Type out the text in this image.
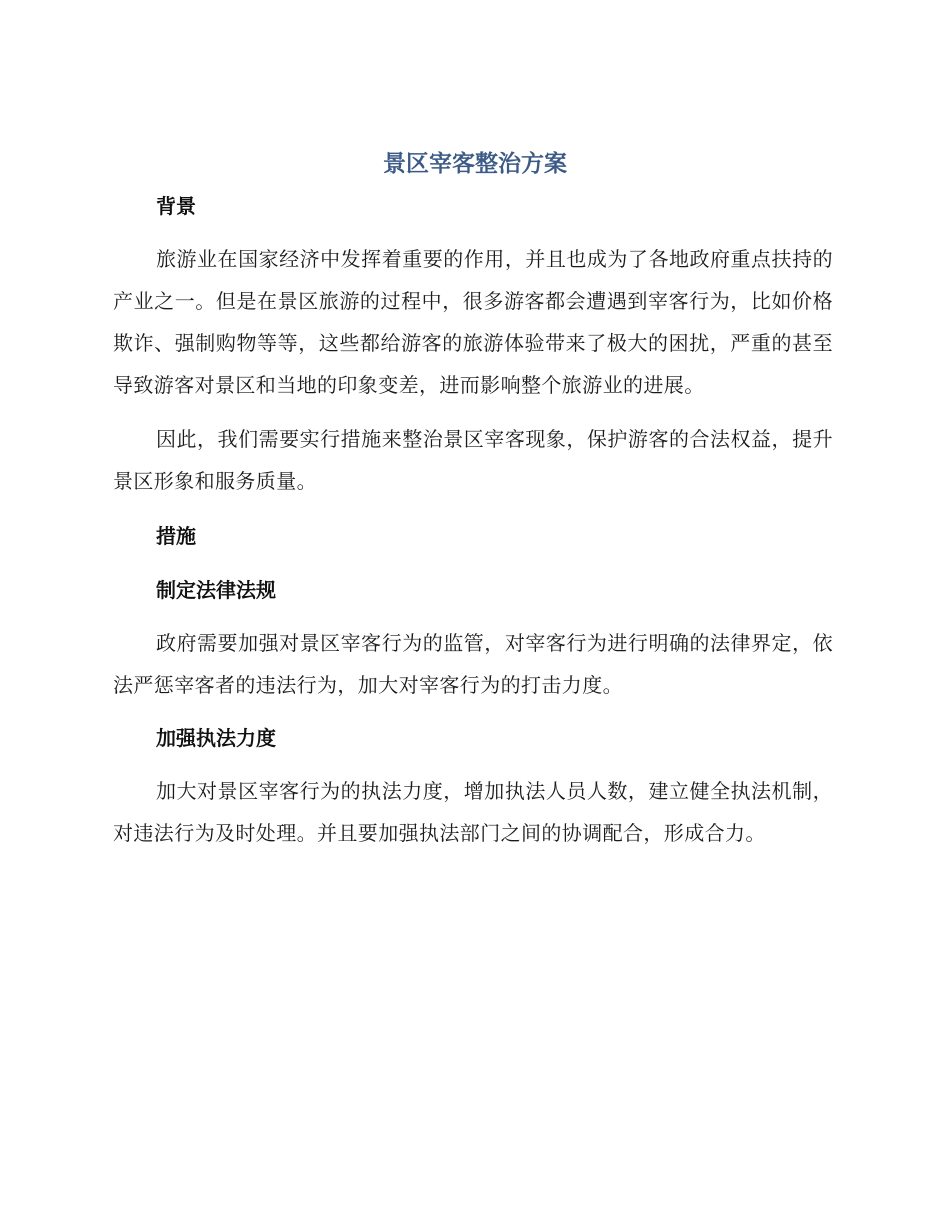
景区宰客整治方案
背景

旅游业在国家经济中发挥着重要的作用，并且也成为了各地政府重点扶持的产业之一。但是在景区旅游的过程中，很多游客都会遭遇到宰客行为，比如价格欺诈、强制购物等等，这些都给游客的旅游体验带来了极大的困扰，严重的甚至导致游客对景区和当地的印象变差，进而影响整个旅游业的进展。

因此，我们需要实行措施来整治景区宰客现象，保护游客的合法权益，提升景区形象和服务质量。

措施
制定法律法规

政府需要加强对景区宰客行为的监管，对宰客行为进行明确的法律界定，依法严惩宰客者的违法行为，加大对宰客行为的打击力度。

加强执法力度

加大对景区宰客行为的执法力度，增加执法人员人数，建立健全执法机制，对违法行为及时处理。并且要加强执法部门之间的协调配合，形成合力。
